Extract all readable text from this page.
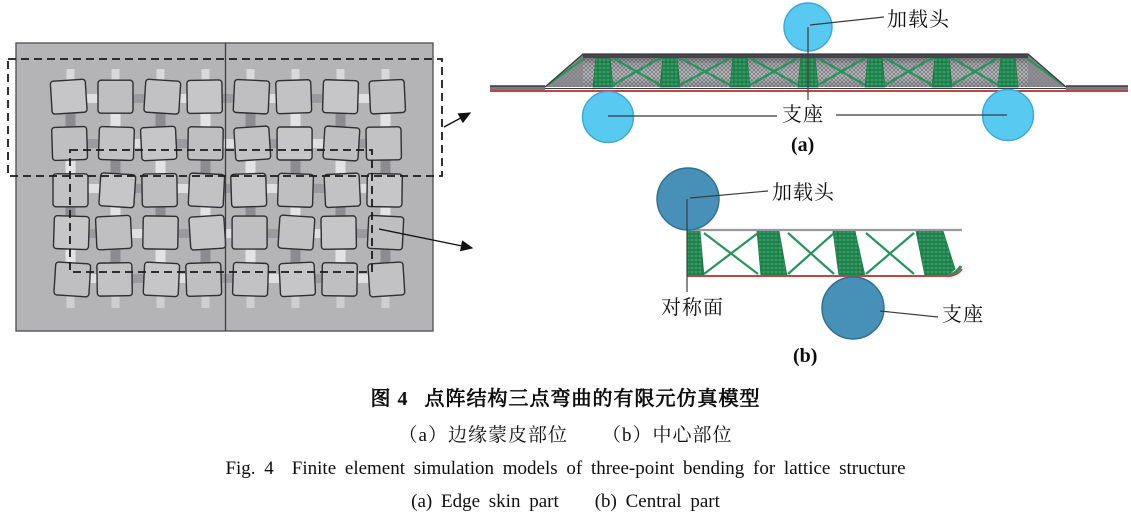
加载头
支座
(a)
加载头
对称面	支座
(b)
图 4 点阵结构三点弯曲的有限元仿真模型
（a）边缘蒙皮部位 （b）中心部位
Fig. 4 Finite element simulation models of three-point bending for lattice structure
(a) Edge skin part (b) Central part
